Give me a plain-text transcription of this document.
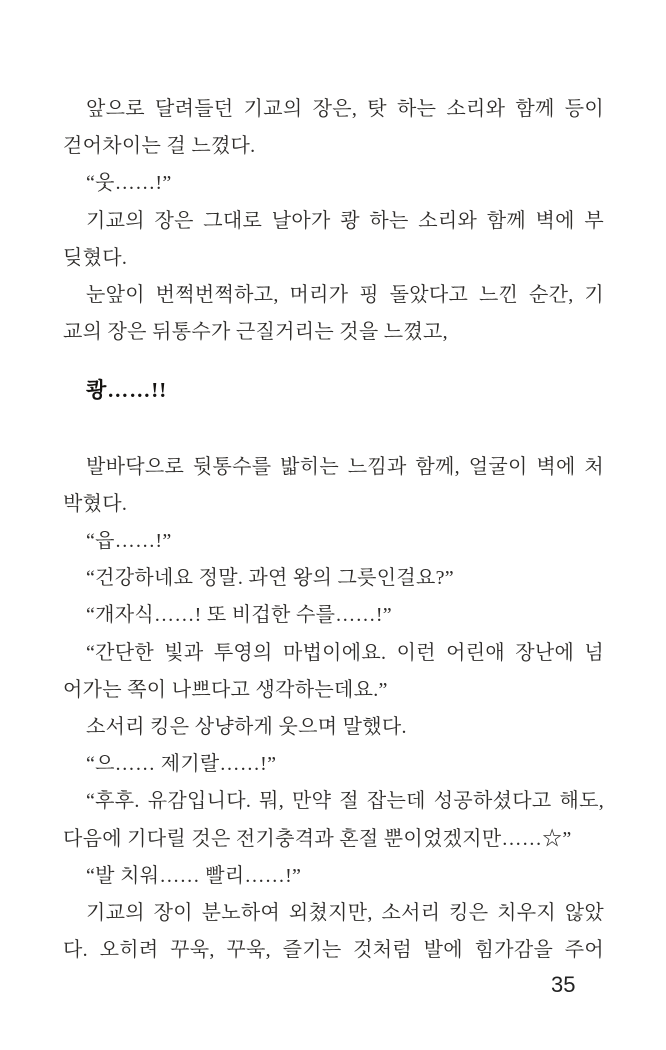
앞으로 달려들던 기교의 장은, 탓 하는 소리와 함께 등이
걷어차이는 걸 느꼈다.
“웃……!”
기교의 장은 그대로 날아가 쾅 하는 소리와 함께 벽에 부
딪혔다.
눈앞이 번쩍번쩍하고, 머리가 핑 돌았다고 느낀 순간, 기
교의 장은 뒤통수가 근질거리는 것을 느꼈고,
쾅……!!
발바닥으로 뒷통수를 밟히는 느낌과 함께, 얼굴이 벽에 처
박혔다.
“읍……!”
“건강하네요 정말. 과연 왕의 그릇인걸요?”
“개자식……! 또 비겁한 수를……!”
“간단한 빛과 투영의 마법이에요. 이런 어린애 장난에 넘
어가는 쪽이 나쁘다고 생각하는데요.”
소서리 킹은 상냥하게 웃으며 말했다.
“으…… 제기랄……!”
“후후. 유감입니다. 뭐, 만약 절 잡는데 성공하셨다고 해도,
다음에 기다릴 것은 전기충격과 혼절 뿐이었겠지만……☆”
“발 치워…… 빨리……!”
기교의 장이 분노하여 외쳤지만, 소서리 킹은 치우지 않았
다. 오히려 꾸욱, 꾸욱, 즐기는 것처럼 발에 힘가감을 주어
35
